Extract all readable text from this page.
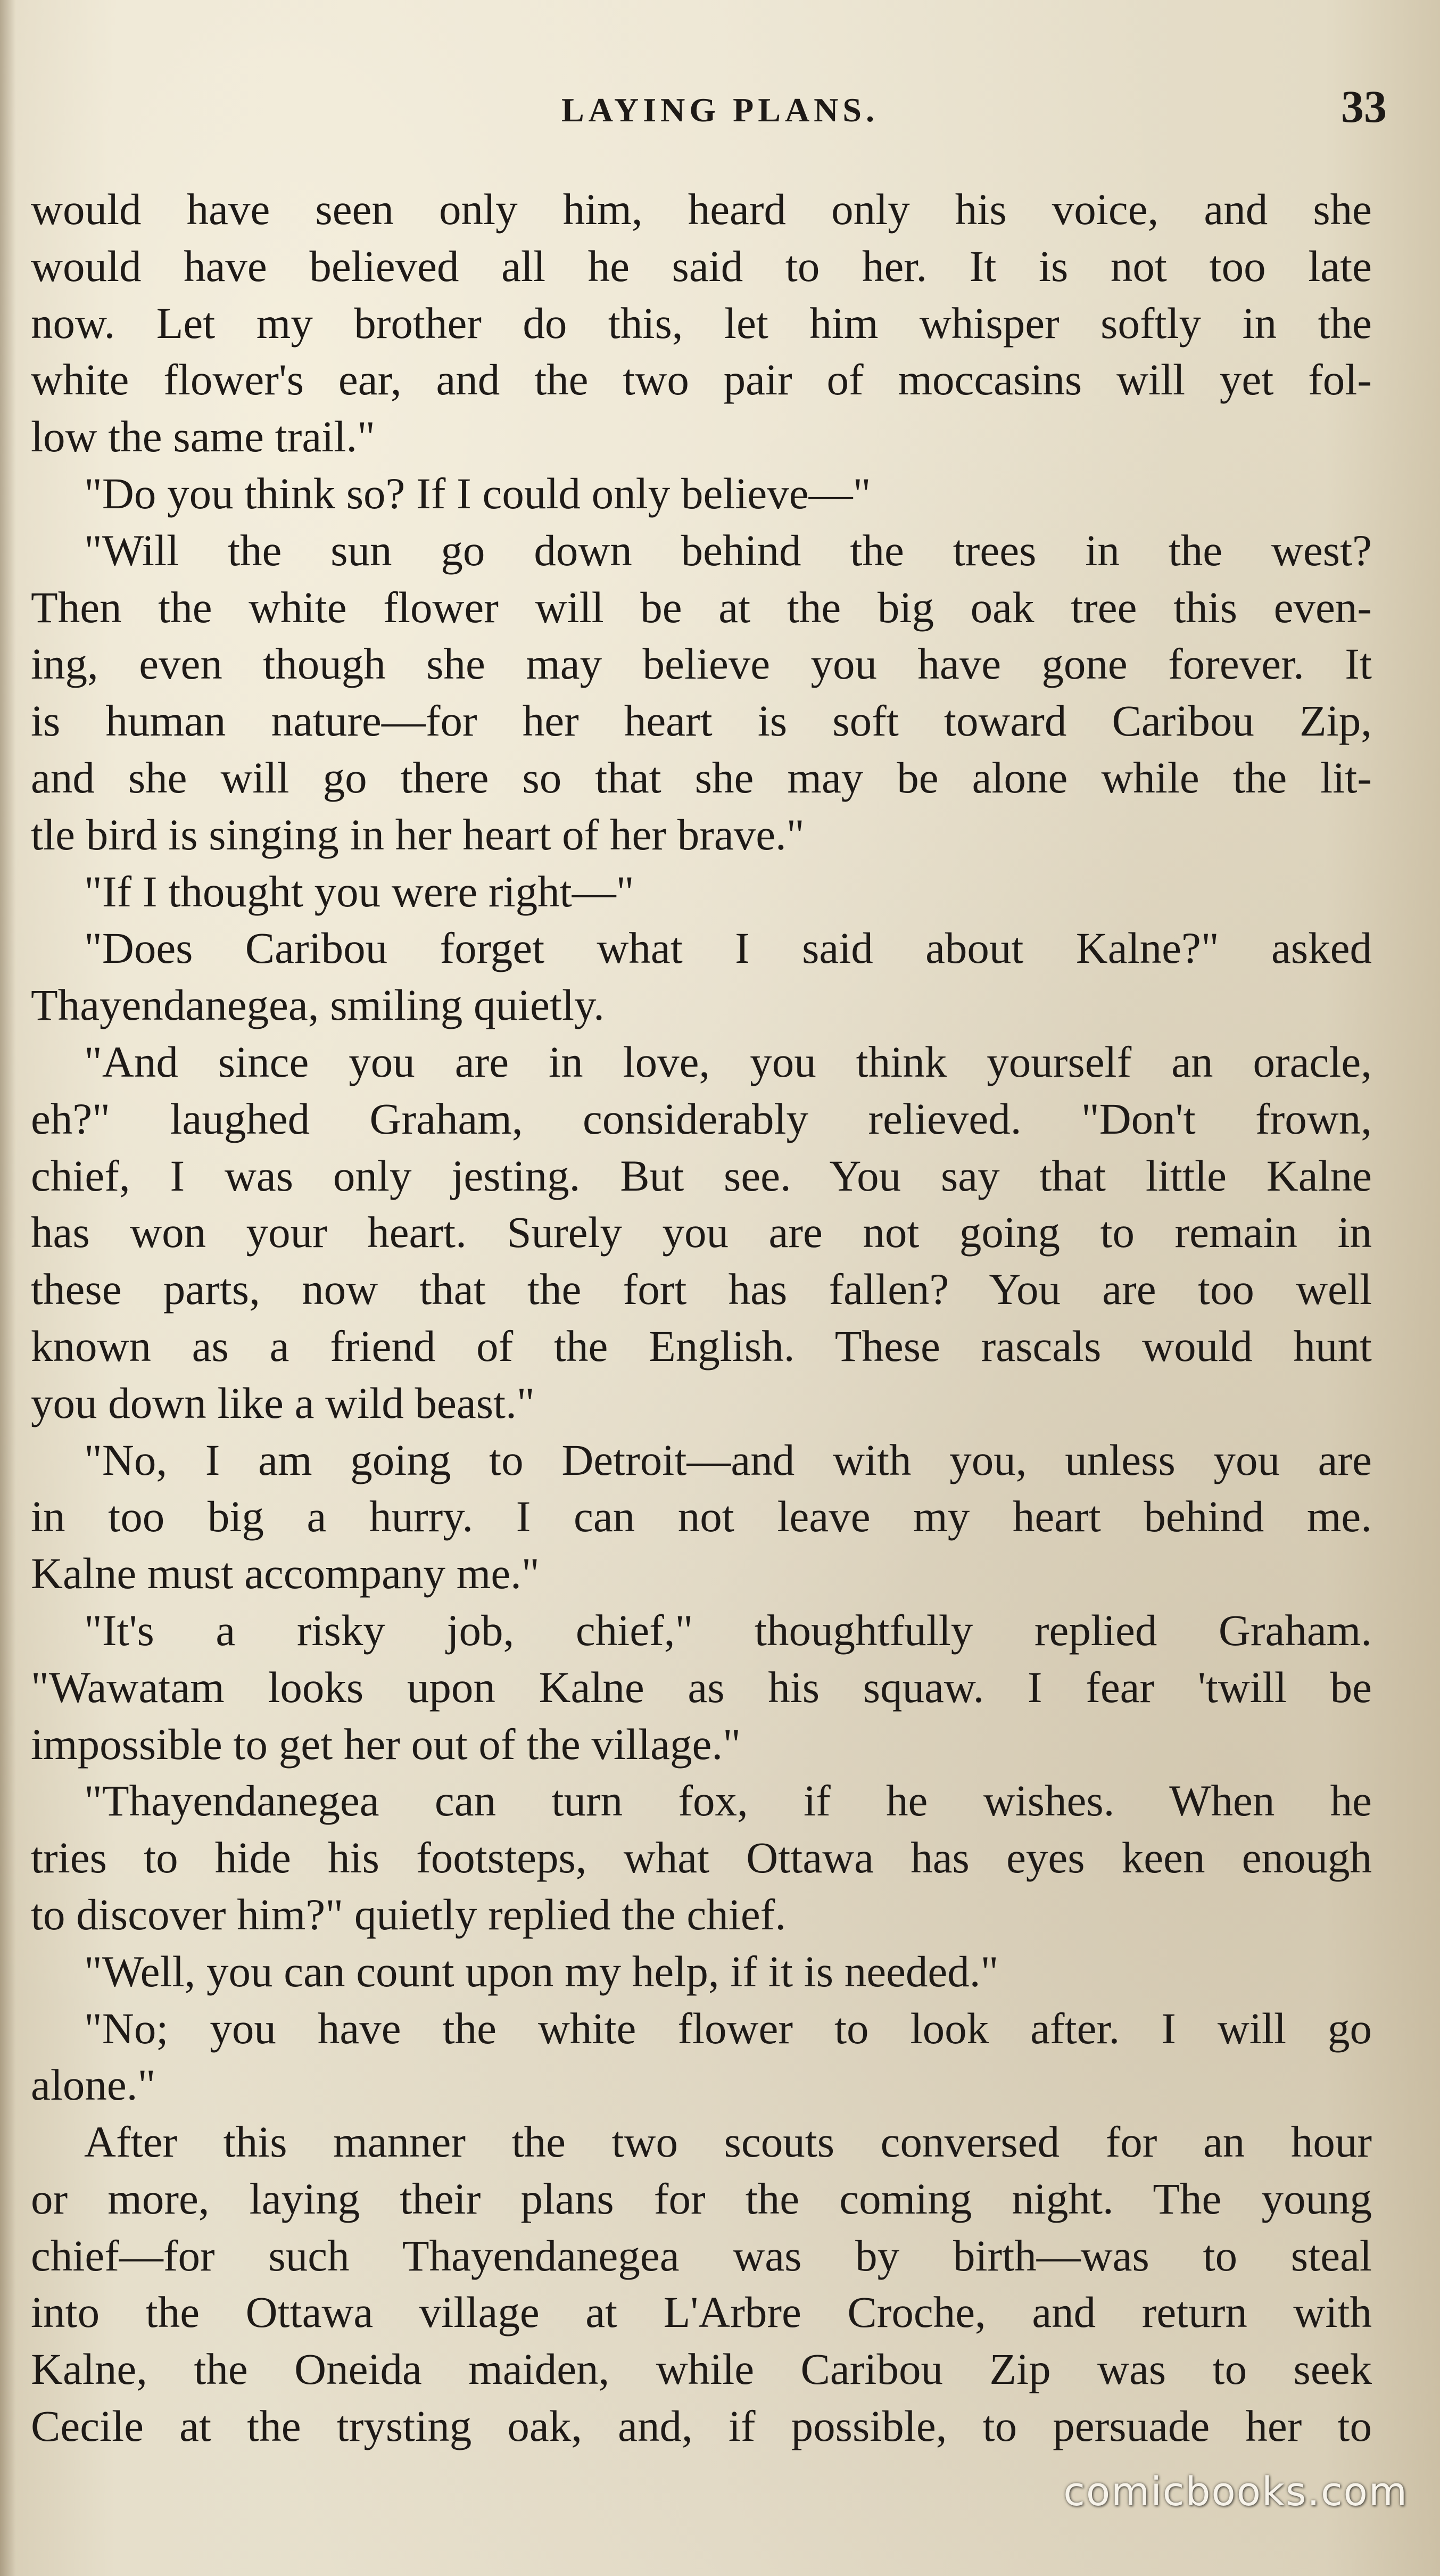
LAYING PLANS.	33
would have seen only him, heard only his voice, and she
would have believed all he said to her. It is not too late
now. Let my brother do this, let him whisper softly in the
white flower's ear, and the two pair of moccasins will yet fol-
low the same trail."
"Do you think so? If I could only believe—"
"Will the sun go down behind the trees in the west?
Then the white flower will be at the big oak tree this even-
ing, even though she may believe you have gone forever. It
is human nature—for her heart is soft toward Caribou Zip,
and she will go there so that she may be alone while the lit-
tle bird is singing in her heart of her brave."
"If I thought you were right—"
"Does Caribou forget what I said about Kalne?" asked
Thayendanegea, smiling quietly.
"And since you are in love, you think yourself an oracle,
eh?" laughed Graham, considerably relieved. "Don't frown,
chief, I was only jesting. But see. You say that little Kalne
has won your heart. Surely you are not going to remain in
these parts, now that the fort has fallen? You are too well
known as a friend of the English. These rascals would hunt
you down like a wild beast."
"No, I am going to Detroit—and with you, unless you are
in too big a hurry. I can not leave my heart behind me.
Kalne must accompany me."
"It's a risky job, chief," thoughtfully replied Graham.
"Wawatam looks upon Kalne as his squaw. I fear 'twill be
impossible to get her out of the village."
"Thayendanegea can turn fox, if he wishes. When he
tries to hide his footsteps, what Ottawa has eyes keen enough
to discover him?" quietly replied the chief.
"Well, you can count upon my help, if it is needed."
"No; you have the white flower to look after. I will go
alone."
After this manner the two scouts conversed for an hour
or more, laying their plans for the coming night. The young
chief—for such Thayendanegea was by birth—was to steal
into the Ottawa village at L'Arbre Croche, and return with
Kalne, the Oneida maiden, while Caribou Zip was to seek
Cecile at the trysting oak, and, if possible, to persuade her to
comicbooks.com
